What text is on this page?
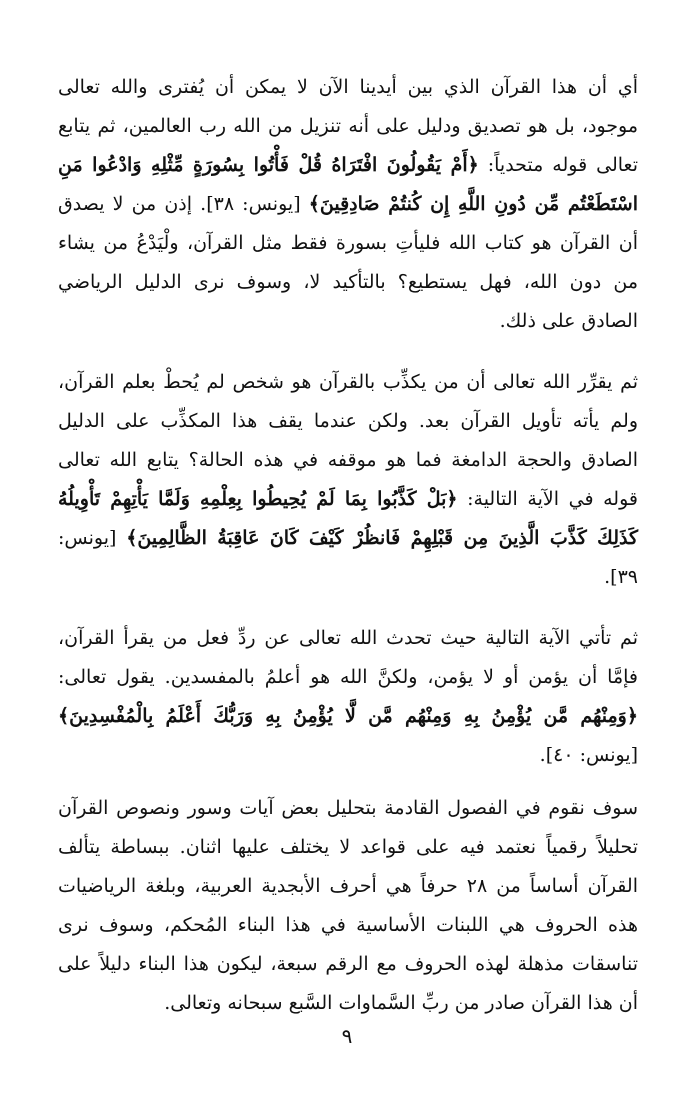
أي أن هذا القرآن الذي بين أيدينا الآن لا يمكن أن يُفترى والله تعالى موجود، بل هو تصديق ودليل على أنه تنزيل من الله رب العالمين، ثم يتابع تعالى قوله متحدياً: ﴿أَمْ يَقُولُونَ افْتَرَاهُ قُلْ فَأْتُوا بِسُورَةٍ مِّثْلِهِ وَادْعُوا مَنِ اسْتَطَعْتُم مِّن دُونِ اللَّهِ إِن كُنتُمْ صَادِقِينَ﴾ [يونس: ٣٨]. إذن من لا يصدق أن القرآن هو كتاب الله فليأتِ بسورة فقط مثل القرآن، ولْيَدْعُ من يشاء من دون الله، فهل يستطيع؟ بالتأكيد لا، وسوف نرى الدليل الرياضي الصادق على ذلك.

ثم يقرِّر الله تعالى أن من يكذِّب بالقرآن هو شخص لم يُحطْ بعلم القرآن، ولم يأته تأويل القرآن بعد. ولكن عندما يقف هذا المكذِّب على الدليل الصادق والحجة الدامغة فما هو موقفه في هذه الحالة؟ يتابع الله تعالى قوله في الآية التالية: ﴿بَلْ كَذَّبُوا بِمَا لَمْ يُحِيطُوا بِعِلْمِهِ وَلَمَّا يَأْتِهِمْ تَأْوِيلُهُ كَذَلِكَ كَذَّبَ الَّذِينَ مِن قَبْلِهِمْ فَانظُرْ كَيْفَ كَانَ عَاقِبَةُ الظَّالِمِينَ﴾ [يونس: ٣٩].

ثم تأتي الآية التالية حيث تحدث الله تعالى عن ردِّ فعل من يقرأ القرآن، فإمَّا أن يؤمن أو لا يؤمن، ولكنَّ الله هو أعلمُ بالمفسدين. يقول تعالى: ﴿وَمِنْهُم مَّن يُؤْمِنُ بِهِ وَمِنْهُم مَّن لَّا يُؤْمِنُ بِهِ وَرَبُّكَ أَعْلَمُ بِالْمُفْسِدِينَ﴾ [يونس: ٤٠].

سوف نقوم في الفصول القادمة بتحليل بعض آيات وسور ونصوص القرآن تحليلاً رقمياً نعتمد فيه على قواعد لا يختلف عليها اثنان. ببساطة يتألف القرآن أساساً من ٢٨ حرفاً هي أحرف الأبجدية العربية، وبلغة الرياضيات هذه الحروف هي اللبنات الأساسية في هذا البناء المُحكم، وسوف نرى تناسقات مذهلة لهذه الحروف مع الرقم سبعة، ليكون هذا البناء دليلاً على أن هذا القرآن صادر من ربِّ السَّماوات السَّبع سبحانه وتعالى.

٩
